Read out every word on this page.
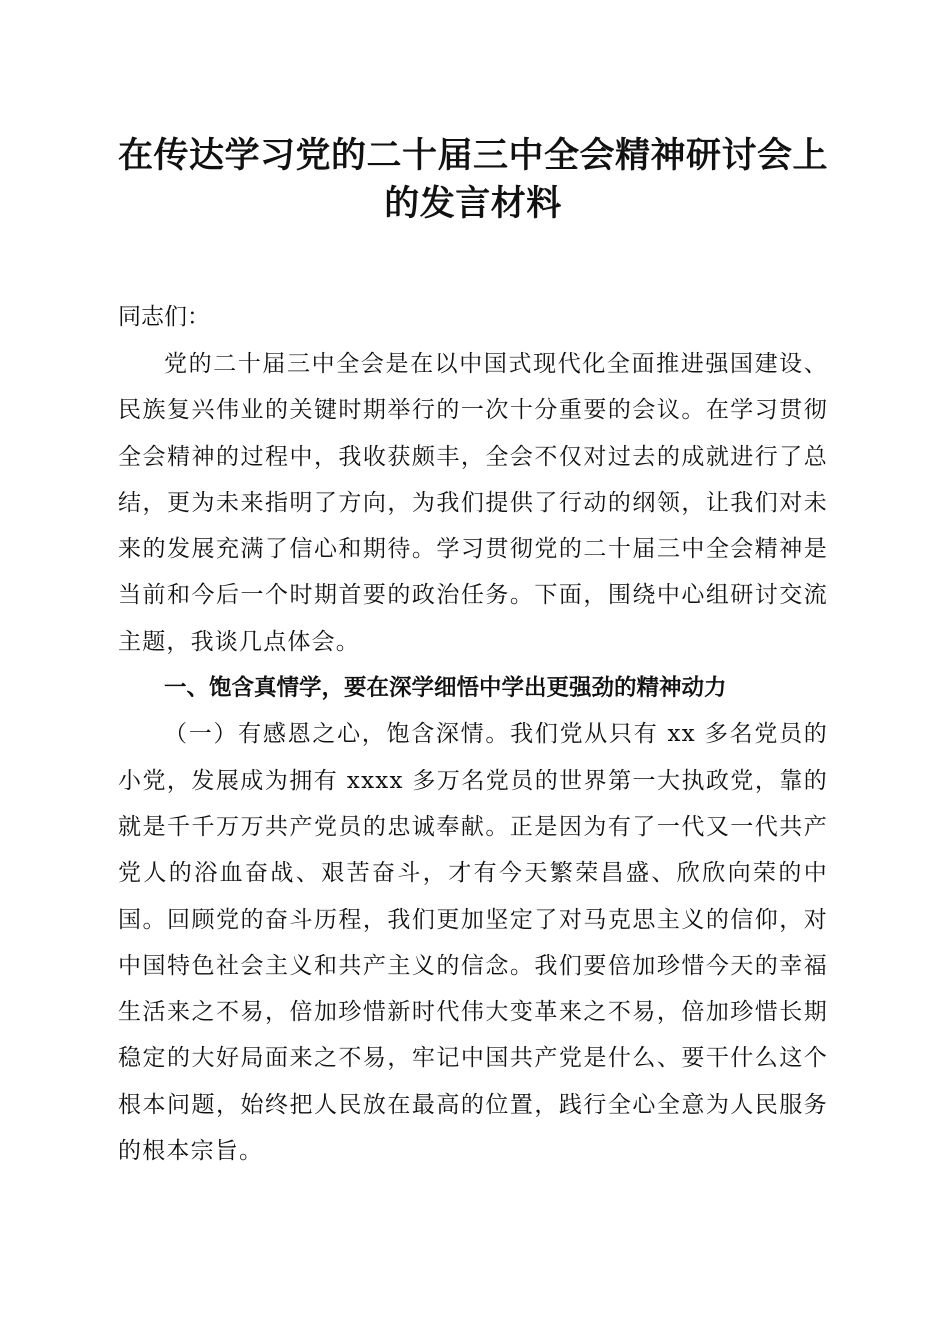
在传达学习党的二十届三中全会精神研讨会上
的发言材料

同志们：

党的二十届三中全会是在以中国式现代化全面推进强国建设、民族复兴伟业的关键时期举行的一次十分重要的会议。在学习贯彻全会精神的过程中，我收获颇丰，全会不仅对过去的成就进行了总结，更为未来指明了方向，为我们提供了行动的纲领，让我们对未来的发展充满了信心和期待。学习贯彻党的二十届三中全会精神是当前和今后一个时期首要的政治任务。下面，围绕中心组研讨交流主题，我谈几点体会。

一、饱含真情学，要在深学细悟中学出更强劲的精神动力

（一）有感恩之心，饱含深情。我们党从只有 xx 多名党员的小党，发展成为拥有 xxxx 多万名党员的世界第一大执政党，靠的就是千千万万共产党员的忠诚奉献。正是因为有了一代又一代共产党人的浴血奋战、艰苦奋斗，才有今天繁荣昌盛、欣欣向荣的中国。回顾党的奋斗历程，我们更加坚定了对马克思主义的信仰，对中国特色社会主义和共产主义的信念。我们要倍加珍惜今天的幸福生活来之不易，倍加珍惜新时代伟大变革来之不易，倍加珍惜长期稳定的大好局面来之不易，牢记中国共产党是什么、要干什么这个根本问题，始终把人民放在最高的位置，践行全心全意为人民服务的根本宗旨。
